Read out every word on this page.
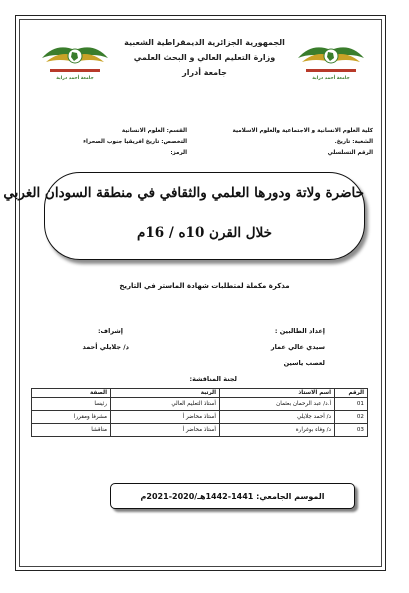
الجمهورية الجزائرية الديمقراطية الشعبية
وزارة التعليم العالي و البحث العلمي
جامعة أدرار
جامعة أحمد دراية	جامعة أحمد دراية
كلية العلوم الانسانية و الاجتماعية والعلوم الاسلامية
الشعبة: تاريخ.
الرقم التسلسلي
القسم: العلوم الانسانية
التخصص: تاريخ افريقيا جنوب الصحراء
الرمز:
حاضرة ولاتة ودورها العلمي والثقافي في منطقة السودان الغربي
خلال القرن 10ه / 16م
مذكرة مكملة لمتطلبات شهادة الماستر في التاريخ
إعداد الطالبين :
سيدي عالي عمار
لعصب ياسين
إشراف:
د/ جلايلي أحمد
لجنة المناقشة:
الرقم	اسم الاستاذ	الرتبة	الصفة
01	أ.د/ عبد الرحمان بعثمان	أستاذ التعليم العالي	رئيسا
02	د/ أحمد جلايلي	أستاذ محاضر أ	مشرفا ومقررا
03	د/ وفاء بوغرارة	أستاذ محاضر أ	مناقشا
الموسم الجامعي: 1441-1442هـ/2020-2021م
